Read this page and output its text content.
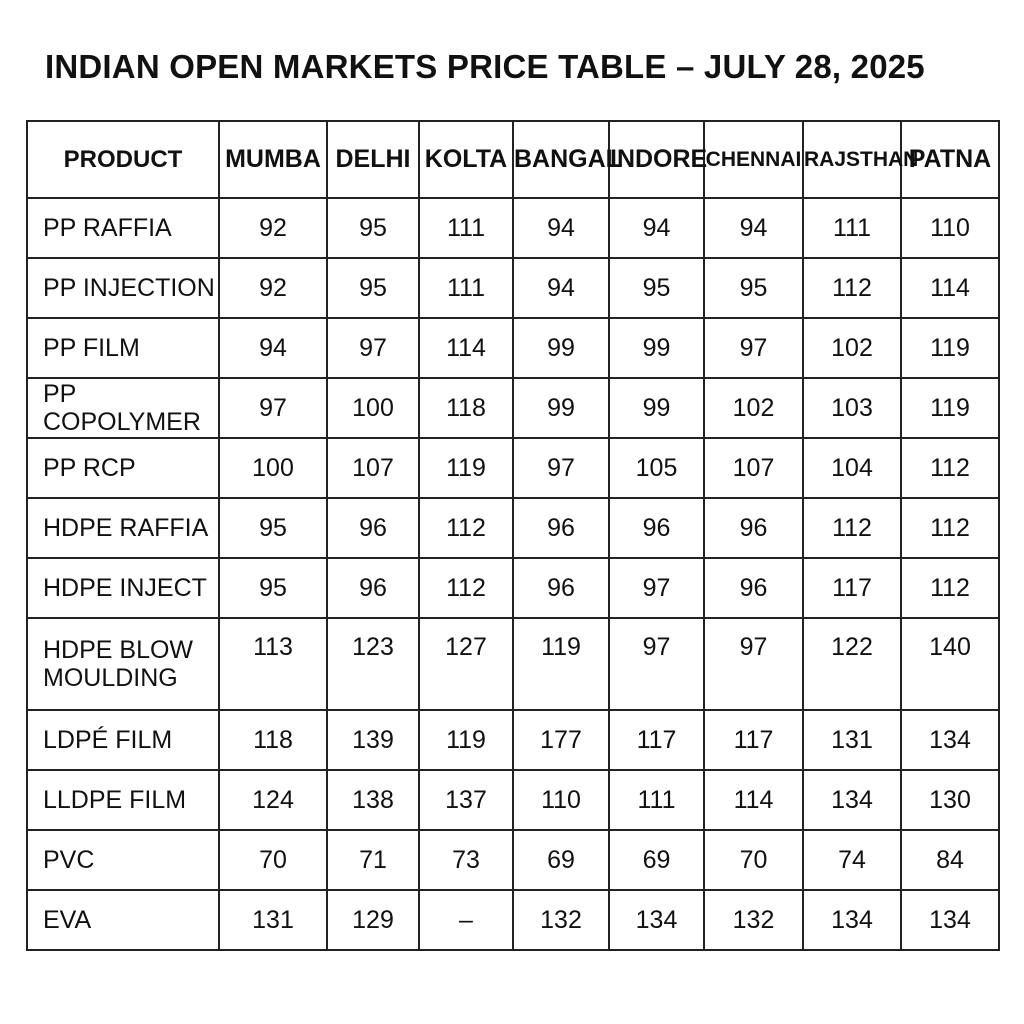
INDIAN OPEN MARKETS PRICE TABLE – JULY 28, 2025
PRODUCT	MUMBA	DELHI	KOLTA	BANGAL	INDORE	CHENNAI	RAJSTHAN	PATNA
PP RAFFIA	92	95	111	94	94	94	111	110
PP INJECTION	92	95	111	94	95	95	112	114
PP FILM	94	97	114	99	99	97	102	119
PP COPOLYMER	97	100	118	99	99	102	103	119
PP RCP	100	107	119	97	105	107	104	112
HDPE RAFFIA	95	96	112	96	96	96	112	112
HDPE INJECT	95	96	112	96	97	96	117	112
HDPE BLOW MOULDING	113	123	127	119	97	97	122	140
LDPÉ FILM	118	139	119	177	117	117	131	134
LLDPE FILM	124	138	137	110	111	114	134	130
PVC	70	71	73	69	69	70	74	84
EVA	131	129	–	132	134	132	134	134
